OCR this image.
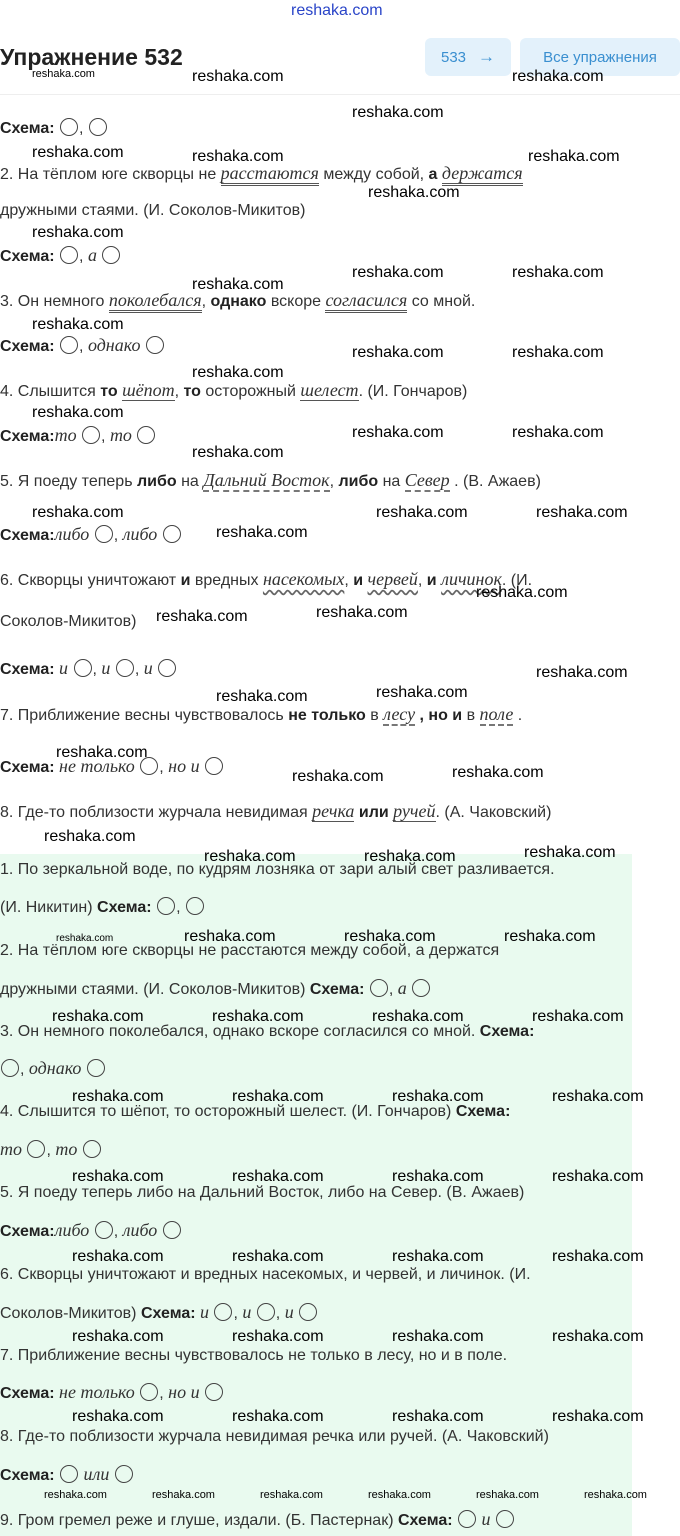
reshaka.com
Упражнение 532	533 →	Все упражнения
Схема: ,
2. На тёплом юге скворцы не расстаются между собой, а держатся
дружными стаями. (И. Соколов-Микитов)
Схема: , а
3. Он немного поколебался, однако вскоре согласился со мной.
Схема: , однако
4. Слышится то шёпот, то осторожный шелест. (И. Гончаров)
Схема:то , то
5. Я поеду теперь либо на Дальний Восток, либо на Север . (В. Ажаев)
Схема:либо , либо
6. Скворцы уничтожают и вредных насекомых, и червей, и личинок. (И.
Соколов-Микитов)
Схема: и , и , и
7. Приближение весны чувствовалось не только в лесу , но и в поле .
Схема: не только , но и
8. Где-то поблизости журчала невидимая речка или ручей. (А. Чаковский)
1. По зеркальной воде, по кудрям лозняка от зари алый свет разливается.
(И. Никитин) Схема: ,
2. На тёплом юге скворцы не расстаются между собой, а держатся
дружными стаями. (И. Соколов-Микитов) Схема: , а
3. Он немного поколебался, однако вскоре согласился со мной. Схема:
, однако
4. Слышится то шёпот, то осторожный шелест. (И. Гончаров) Схема:
то , то
5. Я поеду теперь либо на Дальний Восток, либо на Север. (В. Ажаев)
Схема:либо , либо
6. Скворцы уничтожают и вредных насекомых, и червей, и личинок. (И.
Соколов-Микитов) Схема: и , и , и
7. Приближение весны чувствовалось не только в лесу, но и в поле.
Схема: не только , но и
8. Где-то поблизости журчала невидимая речка или ручей. (А. Чаковский)
Схема: или
9. Гром гремел реже и глуше, издали. (Б. Пастернак) Схема: и
reshaka.com	reshaka.com	reshaka.com
reshaka.com
reshaka.com	reshaka.com	reshaka.com
reshaka.com
reshaka.com
reshaka.com	reshaka.com
reshaka.com
reshaka.com
reshaka.com	reshaka.com
reshaka.com
reshaka.com
reshaka.com	reshaka.com
reshaka.com
reshaka.com	reshaka.com	reshaka.com
reshaka.com
reshaka.com
reshaka.com
reshaka.com
reshaka.com
reshaka.com
reshaka.com
reshaka.com
reshaka.com
reshaka.com
reshaka.com
reshaka.com
reshaka.com	reshaka.com
reshaka.com	reshaka.com	reshaka.com	reshaka.com
reshaka.com	reshaka.com	reshaka.com	reshaka.com
reshaka.com	reshaka.com	reshaka.com	reshaka.com
reshaka.com	reshaka.com	reshaka.com	reshaka.com
reshaka.com	reshaka.com	reshaka.com	reshaka.com
reshaka.com	reshaka.com	reshaka.com	reshaka.com
reshaka.com	reshaka.com	reshaka.com	reshaka.com
reshaka.com	reshaka.com	reshaka.com	reshaka.com	reshaka.com	reshaka.com
